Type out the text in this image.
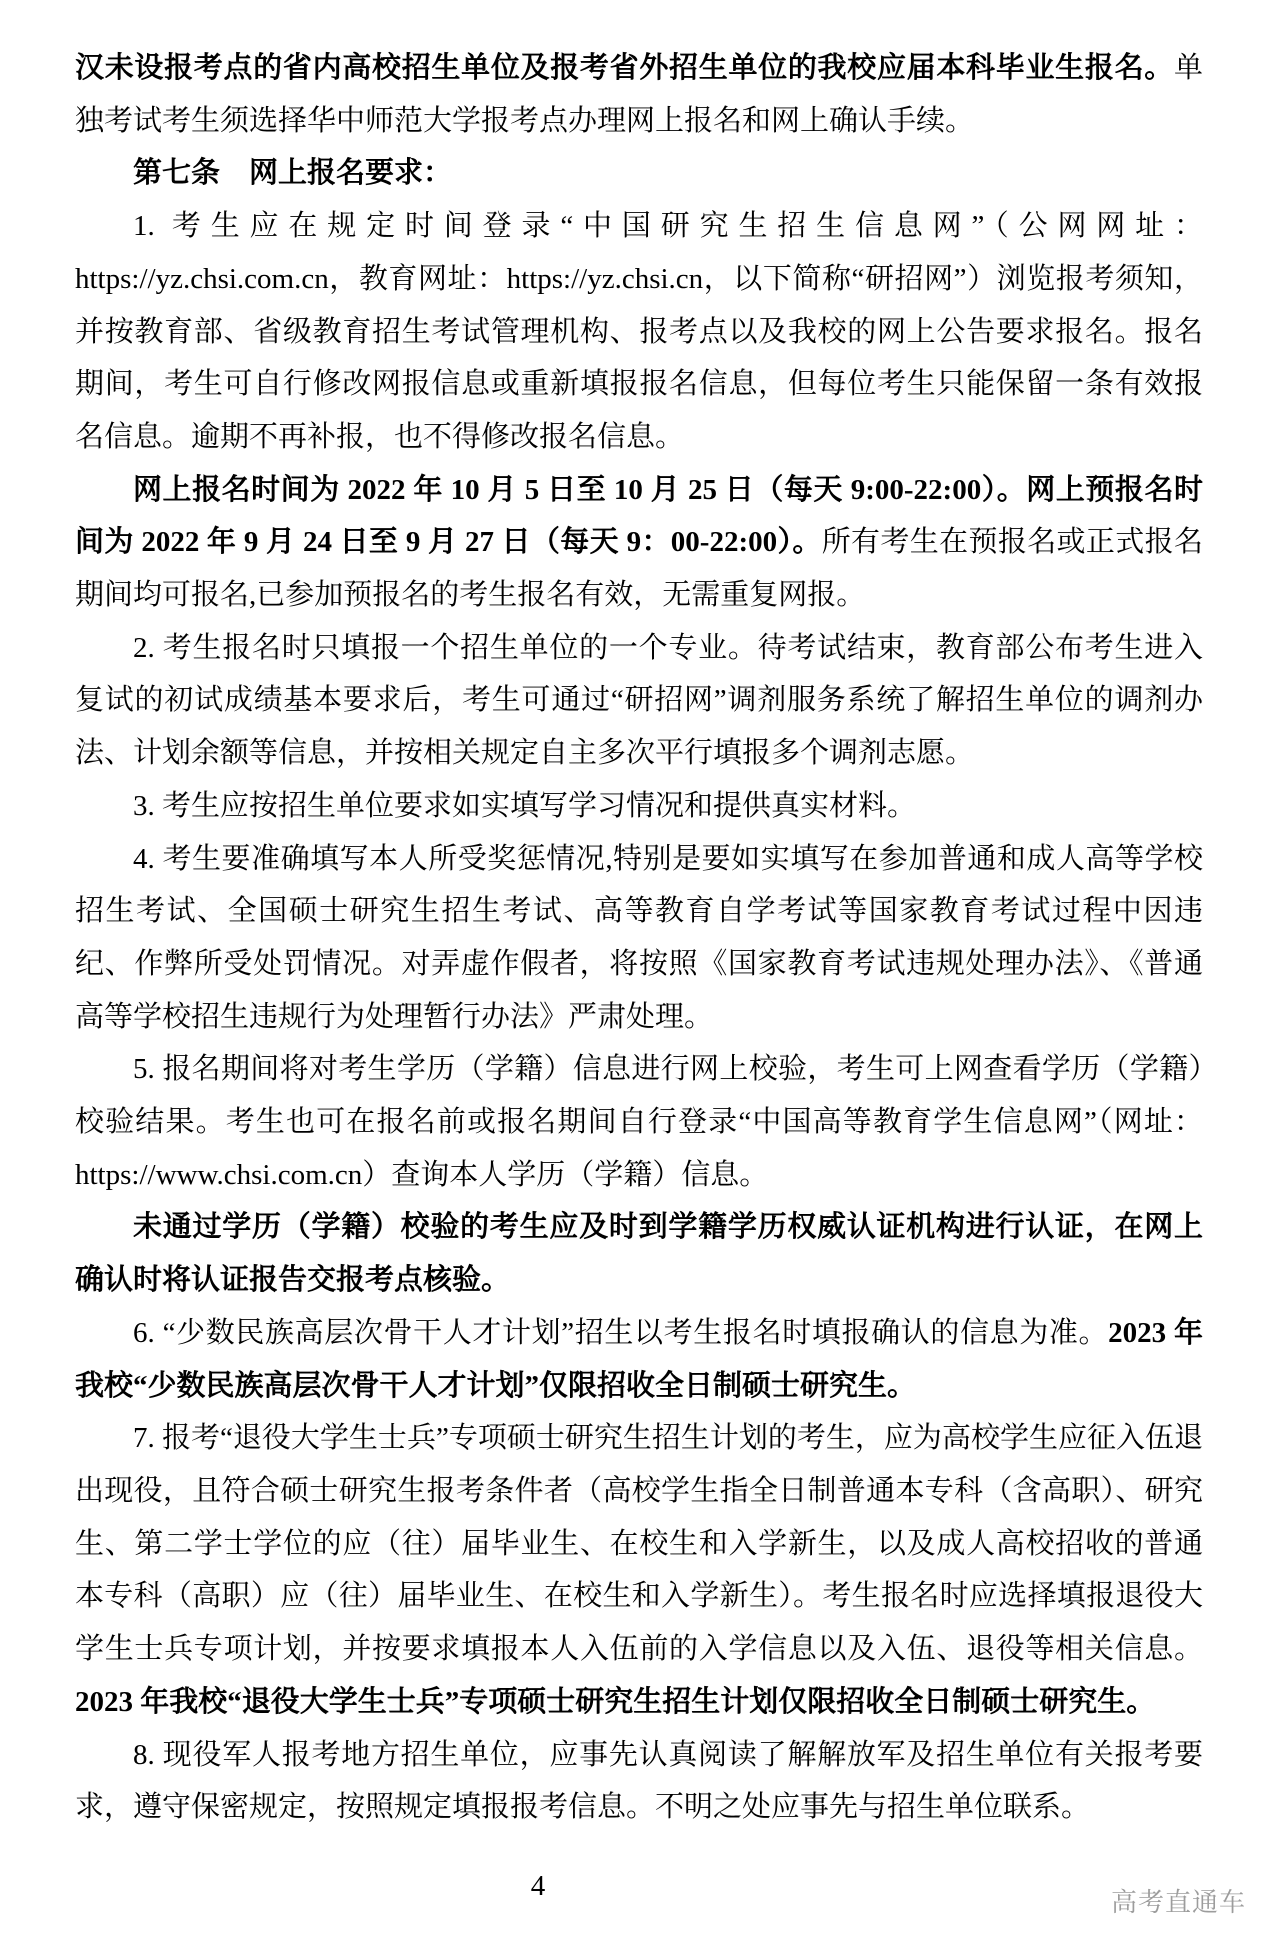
汉未设报考点的省内高校招生单位及报考省外招生单位的我校应届本科毕业生报名。单独考试考生须选择华中师范大学报考点办理网上报名和网上确认手续。

第七条　网上报名要求：

1. 考生应在规定时间登录“中国研究生招生信息网”（公网网址：https://yz.chsi.com.cn，教育网址：https://yz.chsi.cn，以下简称“研招网”）浏览报考须知，并按教育部、省级教育招生考试管理机构、报考点以及我校的网上公告要求报名。报名期间，考生可自行修改网报信息或重新填报报名信息，但每位考生只能保留一条有效报名信息。逾期不再补报，也不得修改报名信息。

网上报名时间为 2022 年 10 月 5 日至 10 月 25 日（每天 9:00-22:00）。网上预报名时间为 2022 年 9 月 24 日至 9 月 27 日（每天 9：00-22:00）。所有考生在预报名或正式报名期间均可报名,已参加预报名的考生报名有效，无需重复网报。

2. 考生报名时只填报一个招生单位的一个专业。待考试结束，教育部公布考生进入复试的初试成绩基本要求后，考生可通过“研招网”调剂服务系统了解招生单位的调剂办法、计划余额等信息，并按相关规定自主多次平行填报多个调剂志愿。

3. 考生应按招生单位要求如实填写学习情况和提供真实材料。

4. 考生要准确填写本人所受奖惩情况,特别是要如实填写在参加普通和成人高等学校招生考试、全国硕士研究生招生考试、高等教育自学考试等国家教育考试过程中因违纪、作弊所受处罚情况。对弄虚作假者，将按照《国家教育考试违规处理办法》、《普通高等学校招生违规行为处理暂行办法》严肃处理。

5. 报名期间将对考生学历（学籍）信息进行网上校验，考生可上网查看学历（学籍）校验结果。考生也可在报名前或报名期间自行登录“中国高等教育学生信息网”（网址：https://www.chsi.com.cn）查询本人学历（学籍）信息。

未通过学历（学籍）校验的考生应及时到学籍学历权威认证机构进行认证，在网上确认时将认证报告交报考点核验。

6. “少数民族高层次骨干人才计划”招生以考生报名时填报确认的信息为准。2023 年我校“少数民族高层次骨干人才计划”仅限招收全日制硕士研究生。

7. 报考“退役大学生士兵”专项硕士研究生招生计划的考生，应为高校学生应征入伍退出现役，且符合硕士研究生报考条件者（高校学生指全日制普通本专科（含高职）、研究生、第二学士学位的应（往）届毕业生、在校生和入学新生，以及成人高校招收的普通本专科（高职）应（往）届毕业生、在校生和入学新生）。考生报名时应选择填报退役大学生士兵专项计划，并按要求填报本人入伍前的入学信息以及入伍、退役等相关信息。2023 年我校“退役大学生士兵”专项硕士研究生招生计划仅限招收全日制硕士研究生。

8. 现役军人报考地方招生单位，应事先认真阅读了解解放军及招生单位有关报考要求，遵守保密规定，按照规定填报报考信息。不明之处应事先与招生单位联系。

4	高考直通车
